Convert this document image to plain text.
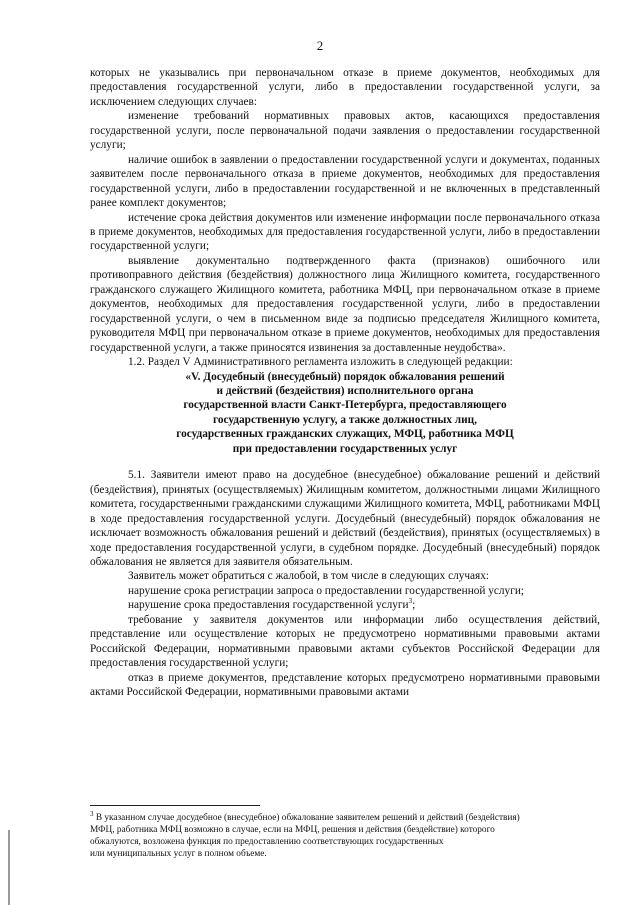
2

которых не указывались при первоначальном отказе в приеме документов, необходимых для предоставления государственной услуги, либо в предоставлении государственной услуги, за исключением следующих случаев:

изменение требований нормативных правовых актов, касающихся предоставления государственной услуги, после первоначальной подачи заявления о предоставлении государственной услуги;

наличие ошибок в заявлении о предоставлении государственной услуги и документах, поданных заявителем после первоначального отказа в приеме документов, необходимых для предоставления государственной услуги, либо в предоставлении государственной и не включенных в представленный ранее комплект документов;

истечение срока действия документов или изменение информации после первоначального отказа в приеме документов, необходимых для предоставления государственной услуги, либо в предоставлении государственной услуги;

выявление документально подтвержденного факта (признаков) ошибочного или противоправного действия (бездействия) должностного лица Жилищного комитета, государственного гражданского служащего Жилищного комитета, работника МФЦ, при первоначальном отказе в приеме документов, необходимых для предоставления государственной услуги, либо в предоставлении государственной услуги, о чем в письменном виде за подписью председателя Жилищного комитета, руководителя МФЦ при первоначальном отказе в приеме документов, необходимых для предоставления государственной услуги, а также приносятся извинения за доставленные неудобства».

1.2. Раздел V Административного регламента изложить в следующей редакции:

«V. Досудебный (внесудебный) порядок обжалования решений

и действий (бездействия) исполнительного органа

государственной власти Санкт-Петербурга, предоставляющего

государственную услугу, а также должностных лиц,

государственных гражданских служащих, МФЦ, работника МФЦ

при предоставлении государственных услуг

5.1. Заявители имеют право на досудебное (внесудебное) обжалование решений и действий (бездействия), принятых (осуществляемых) Жилищным комитетом, должностными лицами Жилищного комитета, государственными гражданскими служащими Жилищного комитета, МФЦ, работниками МФЦ в ходе предоставления государственной услуги. Досудебный (внесудебный) порядок обжалования не исключает возможность обжалования решений и действий (бездействия), принятых (осуществляемых) в ходе предоставления государственной услуги, в судебном порядке. Досудебный (внесудебный) порядок обжалования не является для заявителя обязательным.

Заявитель может обратиться с жалобой, в том числе в следующих случаях:

нарушение срока регистрации запроса о предоставлении государственной услуги;

нарушение срока предоставления государственной услуги$^3$;

требование у заявителя документов или информации либо осуществления действий, представление или осуществление которых не предусмотрено нормативными правовыми актами Российской Федерации, нормативными правовыми актами субъектов Российской Федерации для предоставления государственной услуги;

отказ в приеме документов, представление которых предусмотрено нормативными правовыми актами Российской Федерации, нормативными правовыми актами

$^3$ В указанном случае досудебное (внесудебное) обжалование заявителем решений и действий (бездействия)

МФЦ, работника МФЦ возможно в случае, если на МФЦ, решения и действия (бездействие) которого

обжалуются, возложена функция по предоставлению соответствующих государственных

или муниципальных услуг в полном объеме.
